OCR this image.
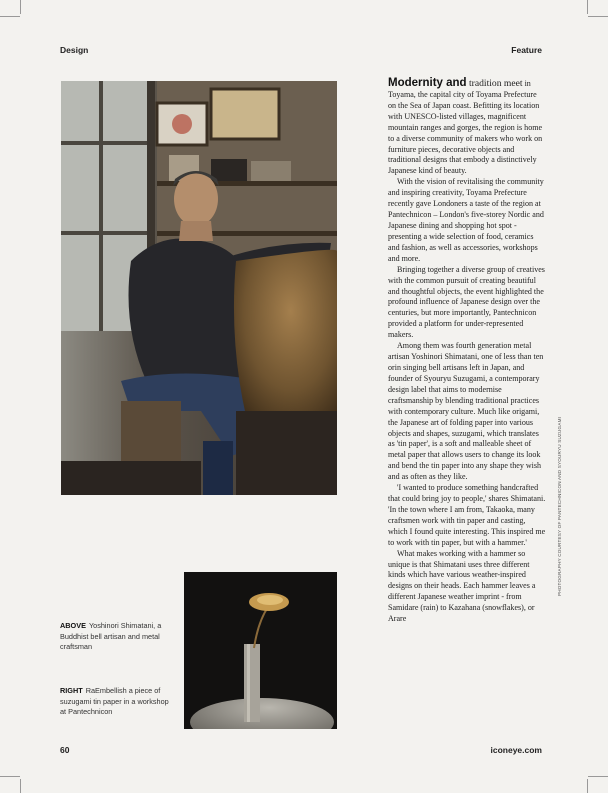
Design	Feature
ABOVE Yoshinori Shimatani, a Buddhist bell artisan and metal craftsman
RIGHT RaEmbellish a piece of suzugami tin paper in a workshop at Pantechnicon

Modernity and tradition meet in Toyama, the capital city of Toyama Prefecture on the Sea of Japan coast. Befitting its location with UNESCO-listed villages, magnificent mountain ranges and gorges, the region is home to a diverse community of makers who work on furniture pieces, decorative objects and traditional designs that embody a distinctively Japanese kind of beauty.

With the vision of revitalising the community and inspiring creativity, Toyama Prefecture recently gave Londoners a taste of the region at Pantechnicon – London's five-storey Nordic and Japanese dining and shopping hot spot - presenting a wide selection of food, ceramics and fashion, as well as accessories, workshops and more.

Bringing together a diverse group of creatives with the common pursuit of creating beautiful and thoughtful objects, the event highlighted the profound influence of Japanese design over the centuries, but more importantly, Pantechnicon provided a platform for under-represented makers.

Among them was fourth generation metal artisan Yoshinori Shimatani, one of less than ten orin singing bell artisans left in Japan, and founder of Syouryu Suzugami, a contemporary design label that aims to modernise craftsmanship by blending traditional practices with contemporary culture. Much like origami, the Japanese art of folding paper into various objects and shapes, suzugami, which translates as 'tin paper', is a soft and malleable sheet of metal paper that allows users to change its look and bend the tin paper into any shape they wish and as often as they like.

'I wanted to produce something handcrafted that could bring joy to people,' shares Shimatani. 'In the town where I am from, Takaoka, many craftsmen work with tin paper and casting, which I found quite interesting. This inspired me to work with tin paper, but with a hammer.'

What makes working with a hammer so unique is that Shimatani uses three different kinds which have various weather-inspired designs on their heads. Each hammer leaves a different Japanese weather imprint - from Samidare (rain) to Kazahana (snowflakes), or Arare

PHOTOGRAPHY COURTESY OF PANTECHNICON AND SYOURYU SUZUGAMI
60	iconeye.com
